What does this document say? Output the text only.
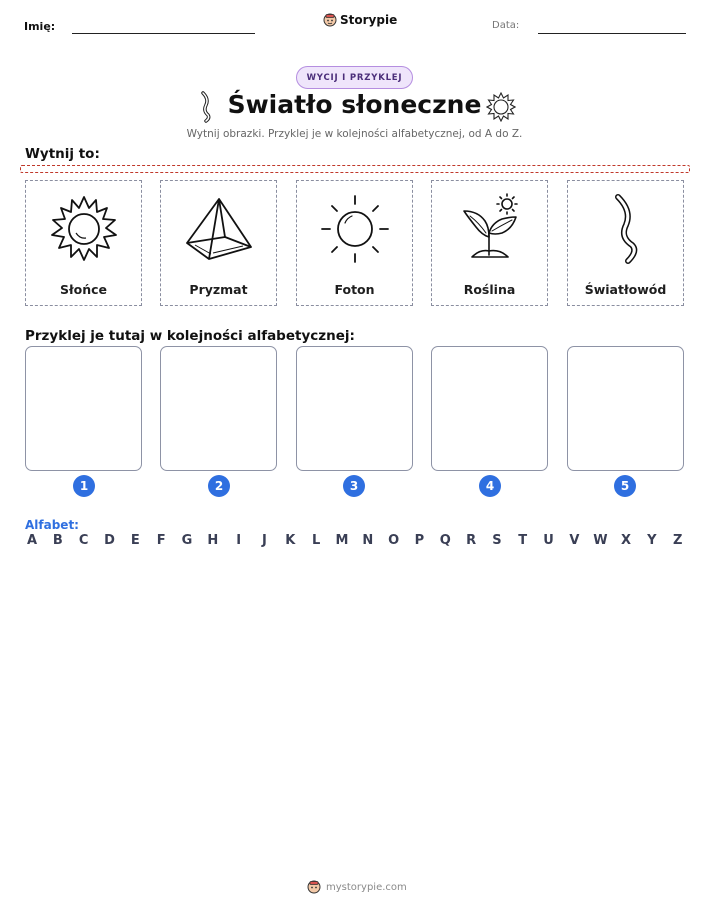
Imię:	Storypie	Data:
WYCIJ I PRZYKLEJ
Światło słoneczne
Wytnij obrazki. Przyklej je w kolejności alfabetycznej, od A do Z.
Wytnij to:
Słońce	Pryzmat	Foton	Roślina	Światłowód
Przyklej je tutaj w kolejności alfabetycznej:
1	2	3	4	5
Alfabet:
A B C D E F G H	I	J	K L M N O P Q R S T U V W X Y Z
mystorypie.com
